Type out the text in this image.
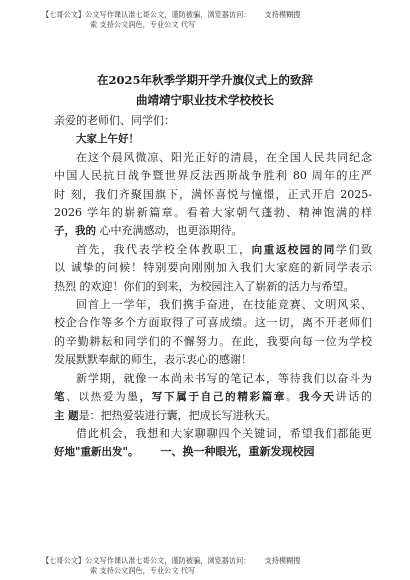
【七哥公文】公文写作课认准七哥公文，谨防被骗，浏览器访问： 支持模糊搜
索 支持公文润色，专业公文 代写
在2025年秋季学期开学升旗仪式上的致辞
曲靖靖宁职业技术学校校长

亲爱的老师们、同学们：

大家上午好！

在这个晨风微凉、阳光正好的清晨，在全国人民共同纪念
中国人民抗日战争暨世界反法西斯战争胜利 80 周年的庄严
时 刻，我们齐聚国旗下，满怀喜悦与憧憬，正式开启 2025-
2026 学年的崭新篇章。看着大家朝气蓬勃、精神饱满的样
子，我的 心中充满感动，也更添期待。
首先，我代表学校全体教职工，向重返校园的同学们致
以 诚挚的问候！特别要向刚刚加入我们大家庭的新同学表示
热烈 的欢迎！你们的到来，为校园注入了崭新的活力与希望。
回首上一学年，我们携手奋进，在技能竞赛、文明风采、
校企合作等多个方面取得了可喜成绩。这一切，离不开老师们
的辛勤耕耘和同学们的不懈努力。在此，我要向每一位为学校
发展默默奉献的师生，表示衷心的感谢！
新学期，就像一本尚未书写的笔记本，等待我们以奋斗为
笔、以热爱为墨，写下属于自己的精彩篇章。我今天讲话的
主 题是：把热爱装进行囊，把成长写进秋天。
借此机会，我想和大家聊聊四个关键词，希望我们都能更
好地"重新出发"。 一、换一种眼光，重新发现校园
【七哥公文】公文写作课认准七哥公文，谨防被骗，浏览器访问： 支持模糊搜
索 支持公文润色，专业公文 代写
